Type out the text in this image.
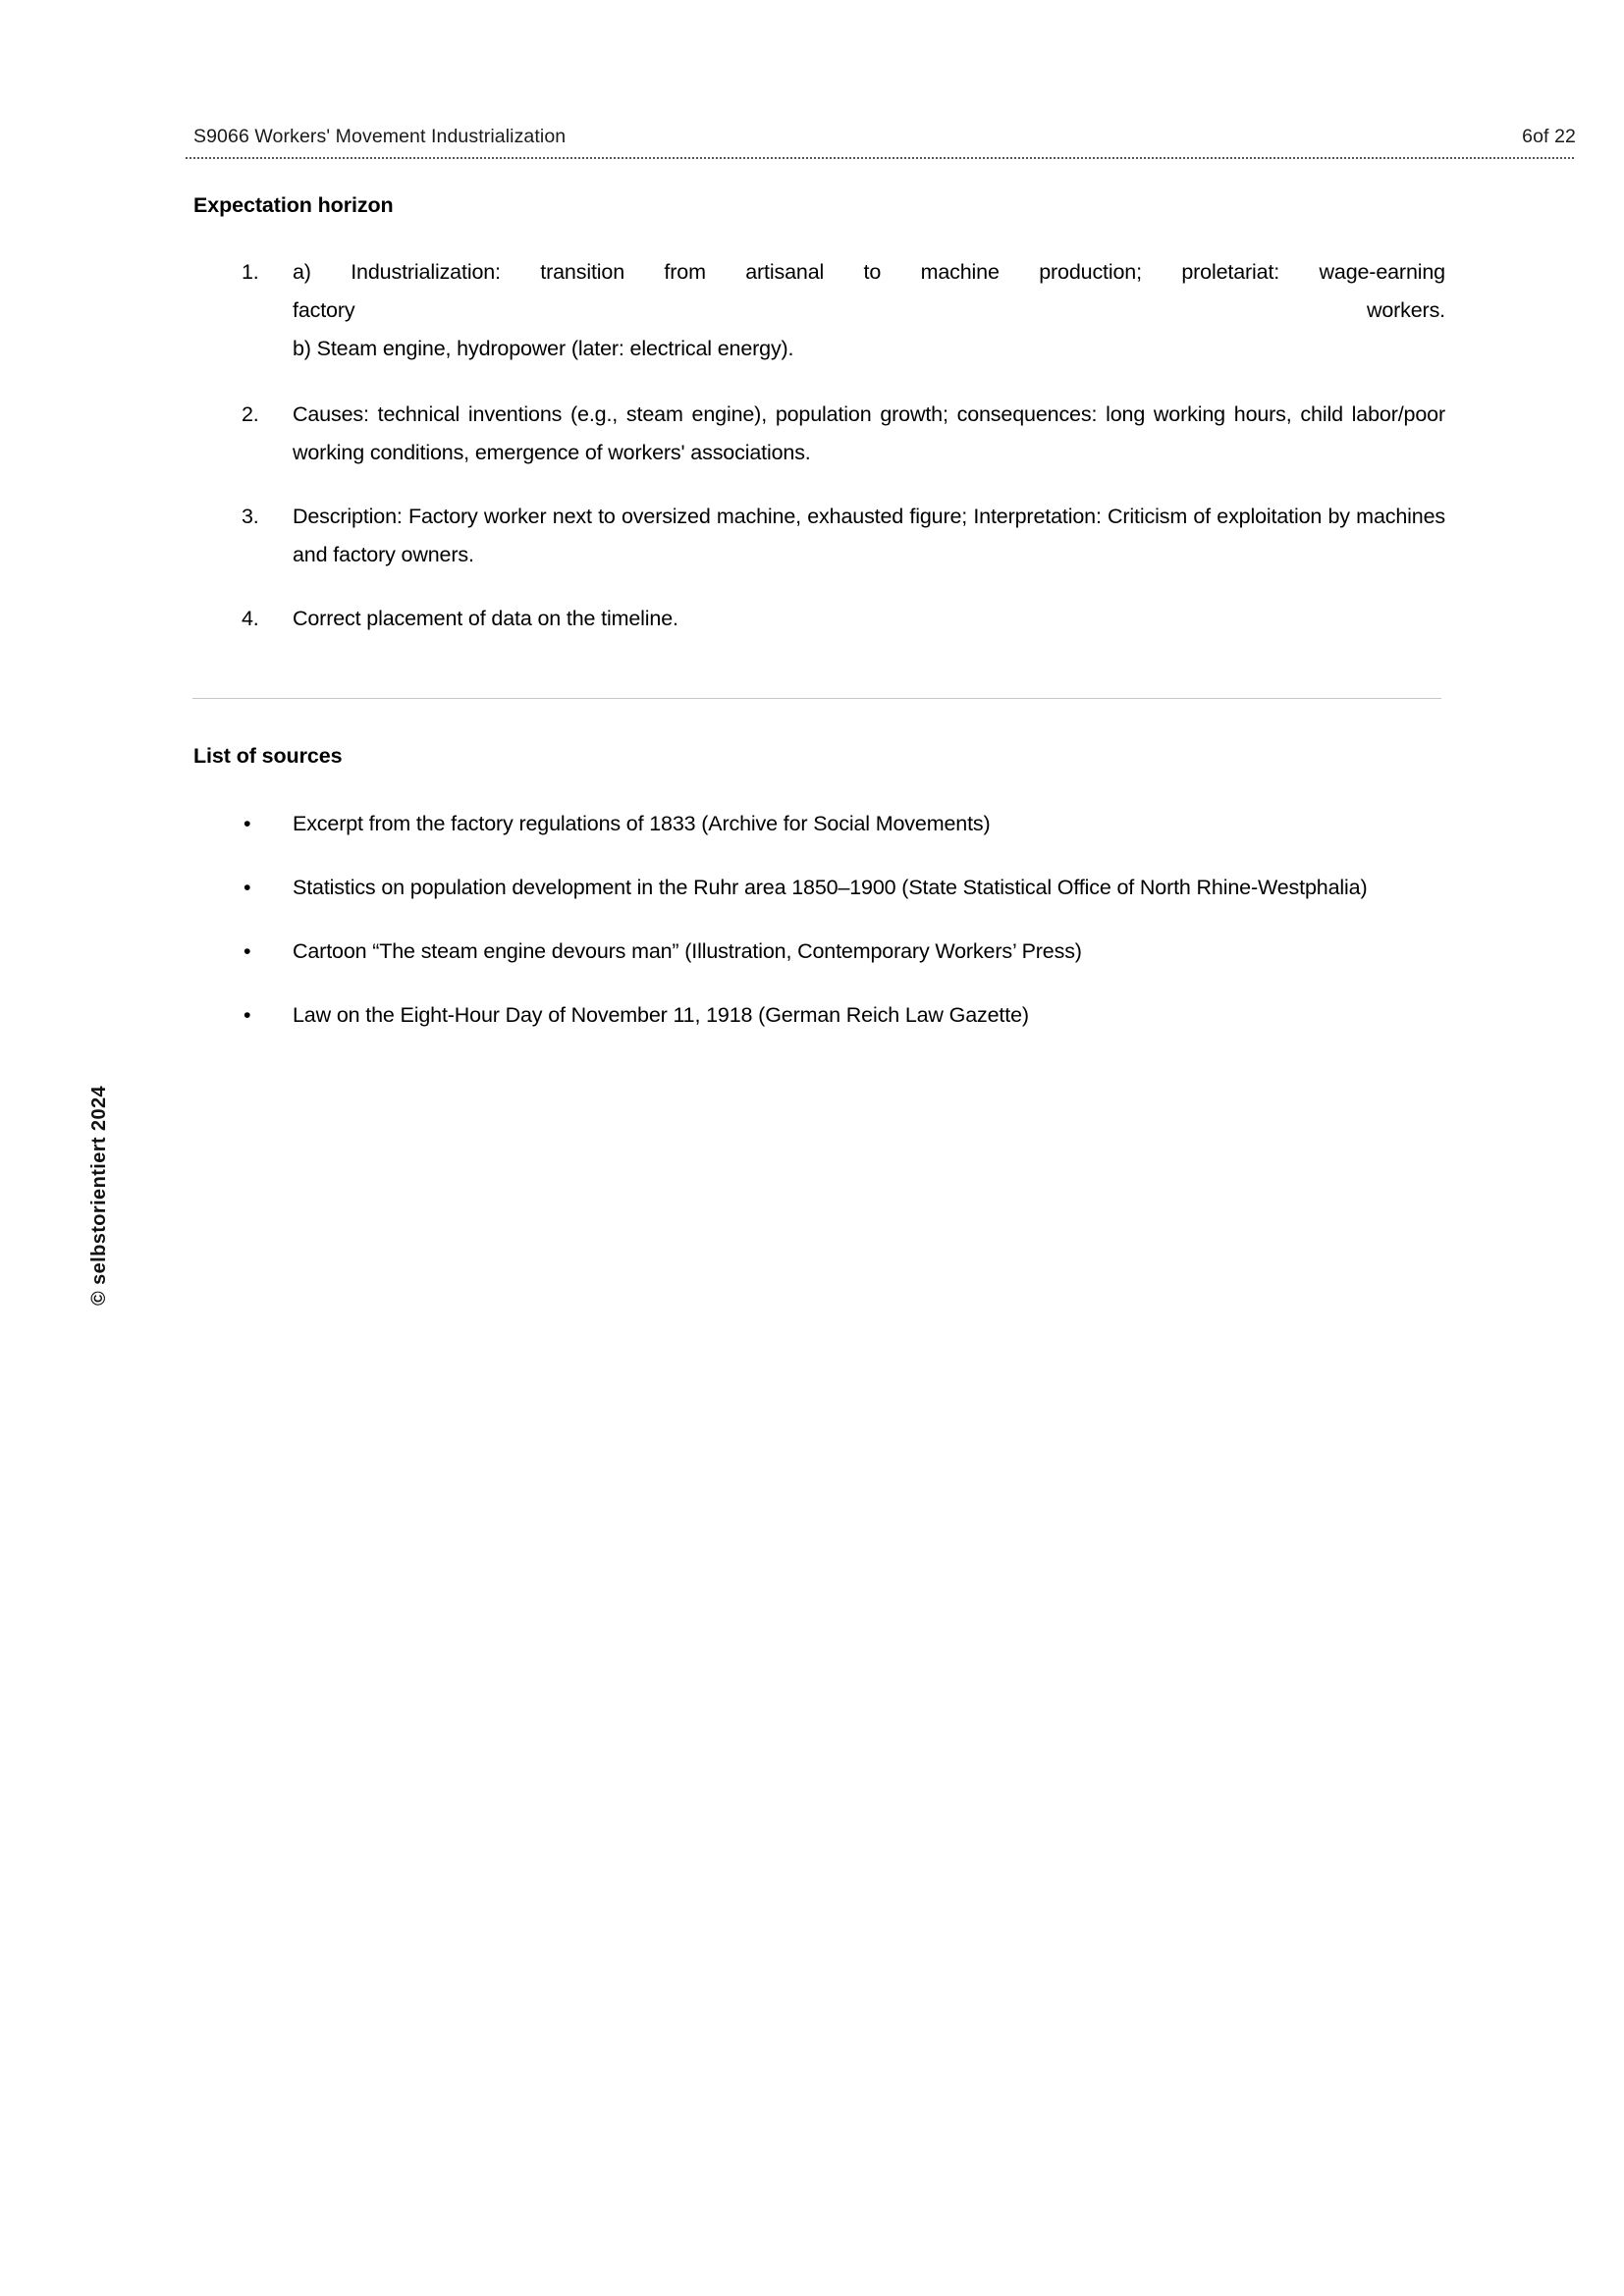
S9066 Workers' Movement Industrialization	6of 22
Expectation horizon
1.	a) Industrialization: transition from artisanal to machine production; proletariat: wage-earning
factory	workers.
b) Steam engine, hydropower (later: electrical energy).
2.	Causes: technical inventions (e.g., steam engine), population growth; consequences: long working hours, child labor/poor working conditions, emergence of workers' associations.
3.	Description: Factory worker next to oversized machine, exhausted figure; Interpretation: Criticism of exploitation by machines and factory owners.
4.	Correct placement of data on the timeline.
List of sources
• Excerpt from the factory regulations of 1833 (Archive for Social Movements)
• Statistics on population development in the Ruhr area 1850–1900 (State Statistical Office of North Rhine-Westphalia)
• Cartoon “The steam engine devours man” (Illustration, Contemporary Workers’ Press)
• Law on the Eight-Hour Day of November 11, 1918 (German Reich Law Gazette)
© selbstorientiert 2024
